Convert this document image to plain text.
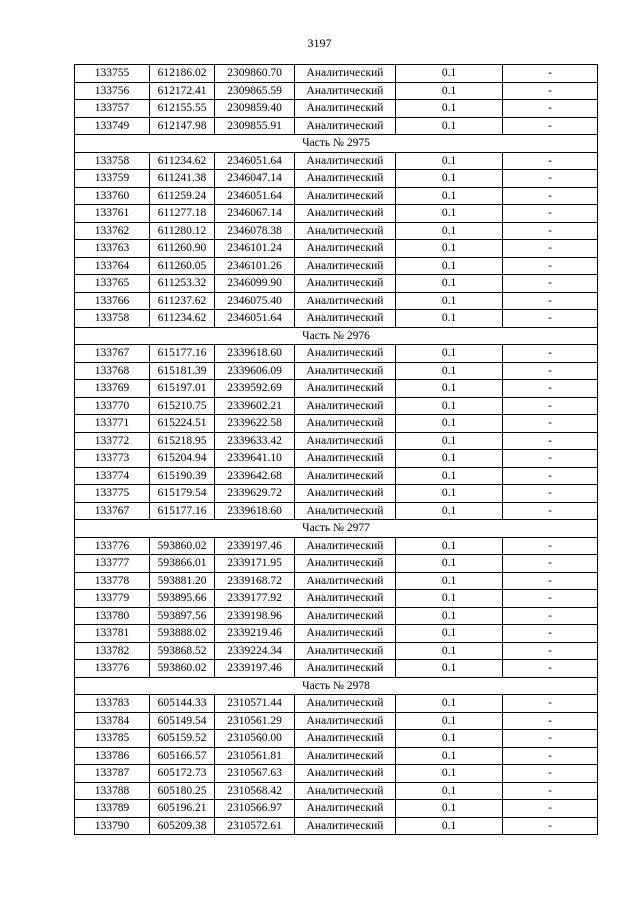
3197
133755	612186.02	2309860.70	Аналитический	0.1	-
133756	612172.41	2309865.59	Аналитический	0.1	-
133757	612155.55	2309859.40	Аналитический	0.1	-
133749	612147.98	2309855.91	Аналитический	0.1	-
Часть № 2975					
133758	611234.62	2346051.64	Аналитический	0.1	-
133759	611241.38	2346047.14	Аналитический	0.1	-
133760	611259.24	2346051.64	Аналитический	0.1	-
133761	611277.18	2346067.14	Аналитический	0.1	-
133762	611280.12	2346078.38	Аналитический	0.1	-
133763	611260.90	2346101.24	Аналитический	0.1	-
133764	611260.05	2346101.26	Аналитический	0.1	-
133765	611253.32	2346099.90	Аналитический	0.1	-
133766	611237.62	2346075.40	Аналитический	0.1	-
133758	611234.62	2346051.64	Аналитический	0.1	-
Часть № 2976					
133767	615177.16	2339618.60	Аналитический	0.1	-
133768	615181.39	2339606.09	Аналитический	0.1	-
133769	615197.01	2339592.69	Аналитический	0.1	-
133770	615210.75	2339602.21	Аналитический	0.1	-
133771	615224.51	2339622.58	Аналитический	0.1	-
133772	615218.95	2339633.42	Аналитический	0.1	-
133773	615204.94	2339641.10	Аналитический	0.1	-
133774	615190.39	2339642.68	Аналитический	0.1	-
133775	615179.54	2339629.72	Аналитический	0.1	-
133767	615177.16	2339618.60	Аналитический	0.1	-
Часть № 2977					
133776	593860.02	2339197.46	Аналитический	0.1	-
133777	593866.01	2339171.95	Аналитический	0.1	-
133778	593881.20	2339168.72	Аналитический	0.1	-
133779	593895.66	2339177.92	Аналитический	0.1	-
133780	593897.56	2339198.96	Аналитический	0.1	-
133781	593888.02	2339219.46	Аналитический	0.1	-
133782	593868.52	2339224.34	Аналитический	0.1	-
133776	593860.02	2339197.46	Аналитический	0.1	-
Часть № 2978					
133783	605144.33	2310571.44	Аналитический	0.1	-
133784	605149.54	2310561.29	Аналитический	0.1	-
133785	605159.52	2310560.00	Аналитический	0.1	-
133786	605166.57	2310561.81	Аналитический	0.1	-
133787	605172.73	2310567.63	Аналитический	0.1	-
133788	605180.25	2310568.42	Аналитический	0.1	-
133789	605196.21	2310566.97	Аналитический	0.1	-
133790	605209.38	2310572.61	Аналитический	0.1	-
